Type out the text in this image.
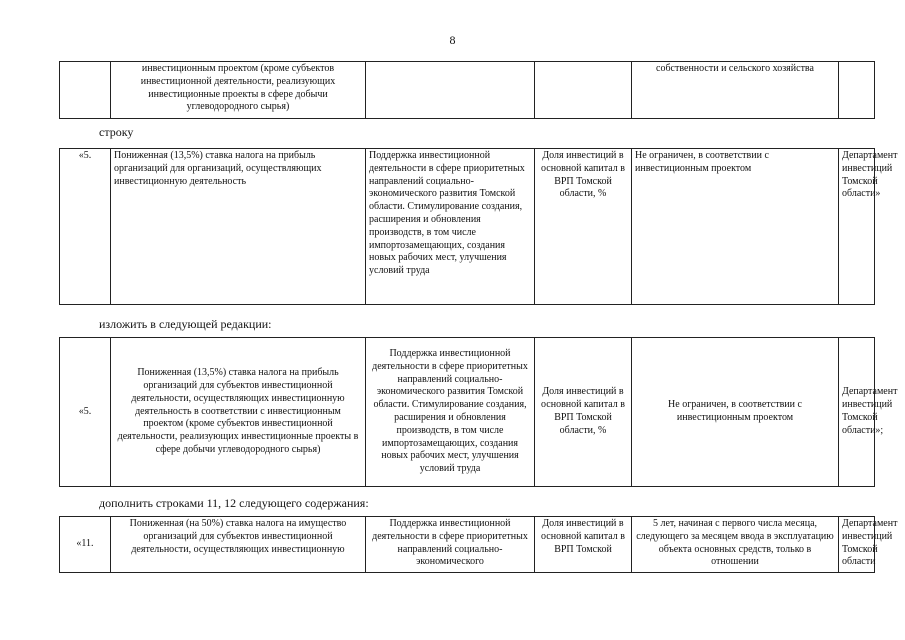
8
	инвестиционным проектом (кроме субъектов инвестиционной деятельности, реализующих инвестиционные проекты в сфере добычи углеводородного сырья)			собственности и сельского хозяйства	
строку
«5.	Пониженная (13,5%) ставка налога на прибыль организаций для организаций, осуществляющих инвестиционную деятельность	Поддержка инвестиционной деятельности в сфере приоритетных направлений социально-экономического развития Томской области. Стимулирование создания, расширения и обновления производств, в том числе импортозамещающих, создания новых рабочих мест, улучшения условий труда	Доля инвестиций в основной капитал в ВРП Томской области, %	Не ограничен, в соответствии с инвестиционным проектом	Департамент инвестиций Томской области»
изложить в следующей редакции:
«5.	Пониженная (13,5%) ставка налога на прибыль организаций для субъектов инвестиционной деятельности, осуществляющих инвестиционную деятельность в соответствии с инвестиционным проектом (кроме субъектов инвестиционной деятельности, реализующих инвестиционные проекты в сфере добычи углеводородного сырья)	Поддержка инвестиционной деятельности в сфере приоритетных направлений социально-экономического развития Томской области. Стимулирование создания, расширения и обновления производств, в том числе импортозамещающих, создания новых рабочих мест, улучшения условий труда	Доля инвестиций в основной капитал в ВРП Томской области, %	Не ограничен, в соответствии с инвестиционным проектом	Департамент инвестиций Томской области»;
дополнить строками 11, 12 следующего содержания:
«11.	Пониженная (на 50%) ставка налога на имущество организаций для субъектов инвестиционной деятельности, осуществляющих инвестиционную	Поддержка инвестиционной деятельности в сфере приоритетных направлений социально-экономического	Доля инвестиций в основной капитал в ВРП Томской	5 лет, начиная с первого числа месяца, следующего за месяцем ввода в эксплуатацию объекта основных средств, только в отношении	Департамент инвестиций Томской области
